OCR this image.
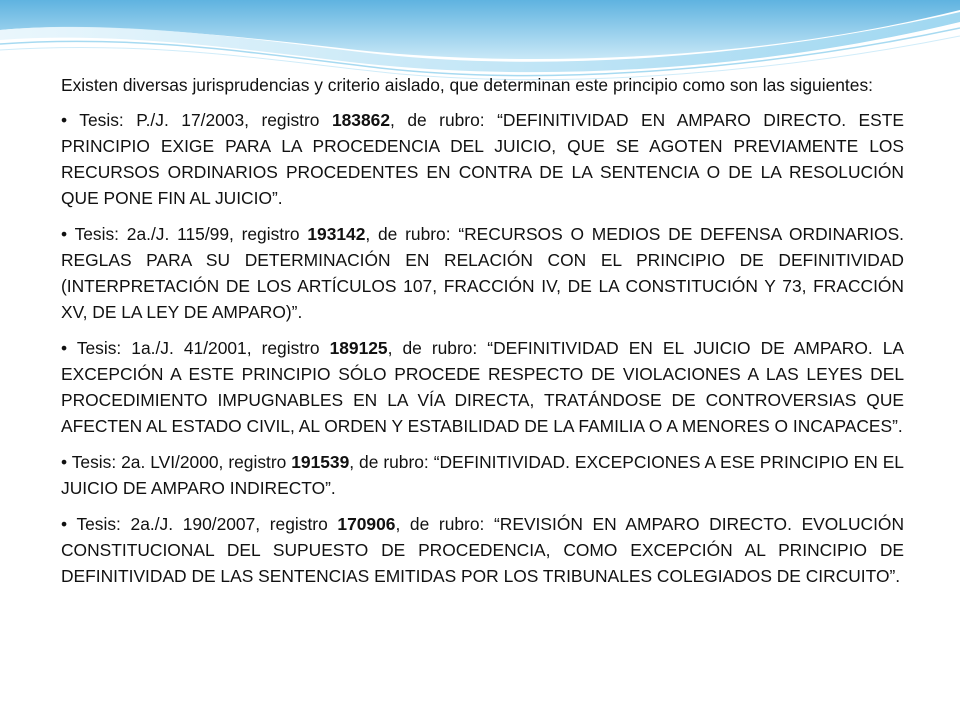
Existen diversas jurisprudencias y criterio aislado, que determinan este principio como son las siguientes:

• Tesis: P./J. 17/2003, registro 183862, de rubro: “DEFINITIVIDAD EN AMPARO DIRECTO. ESTE PRINCIPIO EXIGE PARA LA PROCEDENCIA DEL JUICIO, QUE SE AGOTEN PREVIAMENTE LOS RECURSOS ORDINARIOS PROCEDENTES EN CONTRA DE LA SENTENCIA O DE LA RESOLUCIÓN QUE PONE FIN AL JUICIO”.

• Tesis: 2a./J. 115/99, registro 193142, de rubro: “RECURSOS O MEDIOS DE DEFENSA ORDINARIOS. REGLAS PARA SU DETERMINACIÓN EN RELACIÓN CON EL PRINCIPIO DE DEFINITIVIDAD (INTERPRETACIÓN DE LOS ARTÍCULOS 107, FRACCIÓN IV, DE LA CONSTITUCIÓN Y 73, FRACCIÓN XV, DE LA LEY DE AMPARO)”.

• Tesis: 1a./J. 41/2001, registro 189125, de rubro: “DEFINITIVIDAD EN EL JUICIO DE AMPARO. LA EXCEPCIÓN A ESTE PRINCIPIO SÓLO PROCEDE RESPECTO DE VIOLACIONES A LAS LEYES DEL PROCEDIMIENTO IMPUGNABLES EN LA VÍA DIRECTA, TRATÁNDOSE DE CONTROVERSIAS QUE AFECTEN AL ESTADO CIVIL, AL ORDEN Y ESTABILIDAD DE LA FAMILIA O A MENORES O INCAPACES”.

• Tesis: 2a. LVI/2000, registro 191539, de rubro: “DEFINITIVIDAD. EXCEPCIONES A ESE PRINCIPIO EN EL JUICIO DE AMPARO INDIRECTO”.

• Tesis: 2a./J. 190/2007, registro 170906, de rubro: “REVISIÓN EN AMPARO DIRECTO. EVOLUCIÓN CONSTITUCIONAL DEL SUPUESTO DE PROCEDENCIA, COMO EXCEPCIÓN AL PRINCIPIO DE DEFINITIVIDAD DE LAS SENTENCIAS EMITIDAS POR LOS TRIBUNALES COLEGIADOS DE CIRCUITO”.
